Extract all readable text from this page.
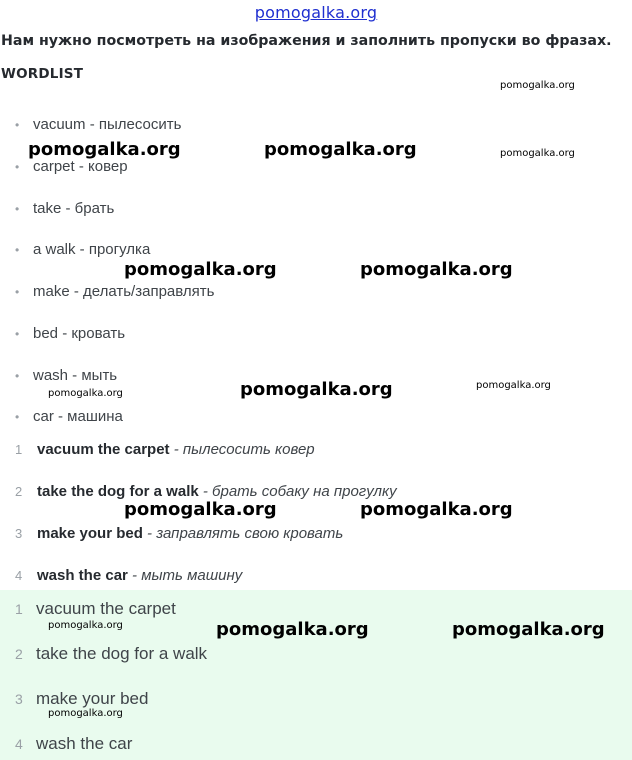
pomogalka.org
Нам нужно посмотреть на изображения и заполнить пропуски во фразах.
WORDLIST
• vacuum - пылесосить
• carpet - ковер
• take - брать
• a walk - прогулка
• make - делать/заправлять
• bed - кровать
• wash - мыть
• car - машина
1 vacuum the carpet - пылесосить ковер
2 take the dog for a walk - брать собаку на прогулку
3 make your bed - заправлять свою кровать
4 wash the car - мыть машину
1 vacuum the carpet
2 take the dog for a walk
3 make your bed
4 wash the car
pomogalka.org
pomogalka.org	pomogalka.org	pomogalka.org
pomogalka.org	pomogalka.org
pomogalka.org	pomogalka.org
pomogalka.org
pomogalka.org	pomogalka.org
pomogalka.org	pomogalka.org	pomogalka.org
pomogalka.org
